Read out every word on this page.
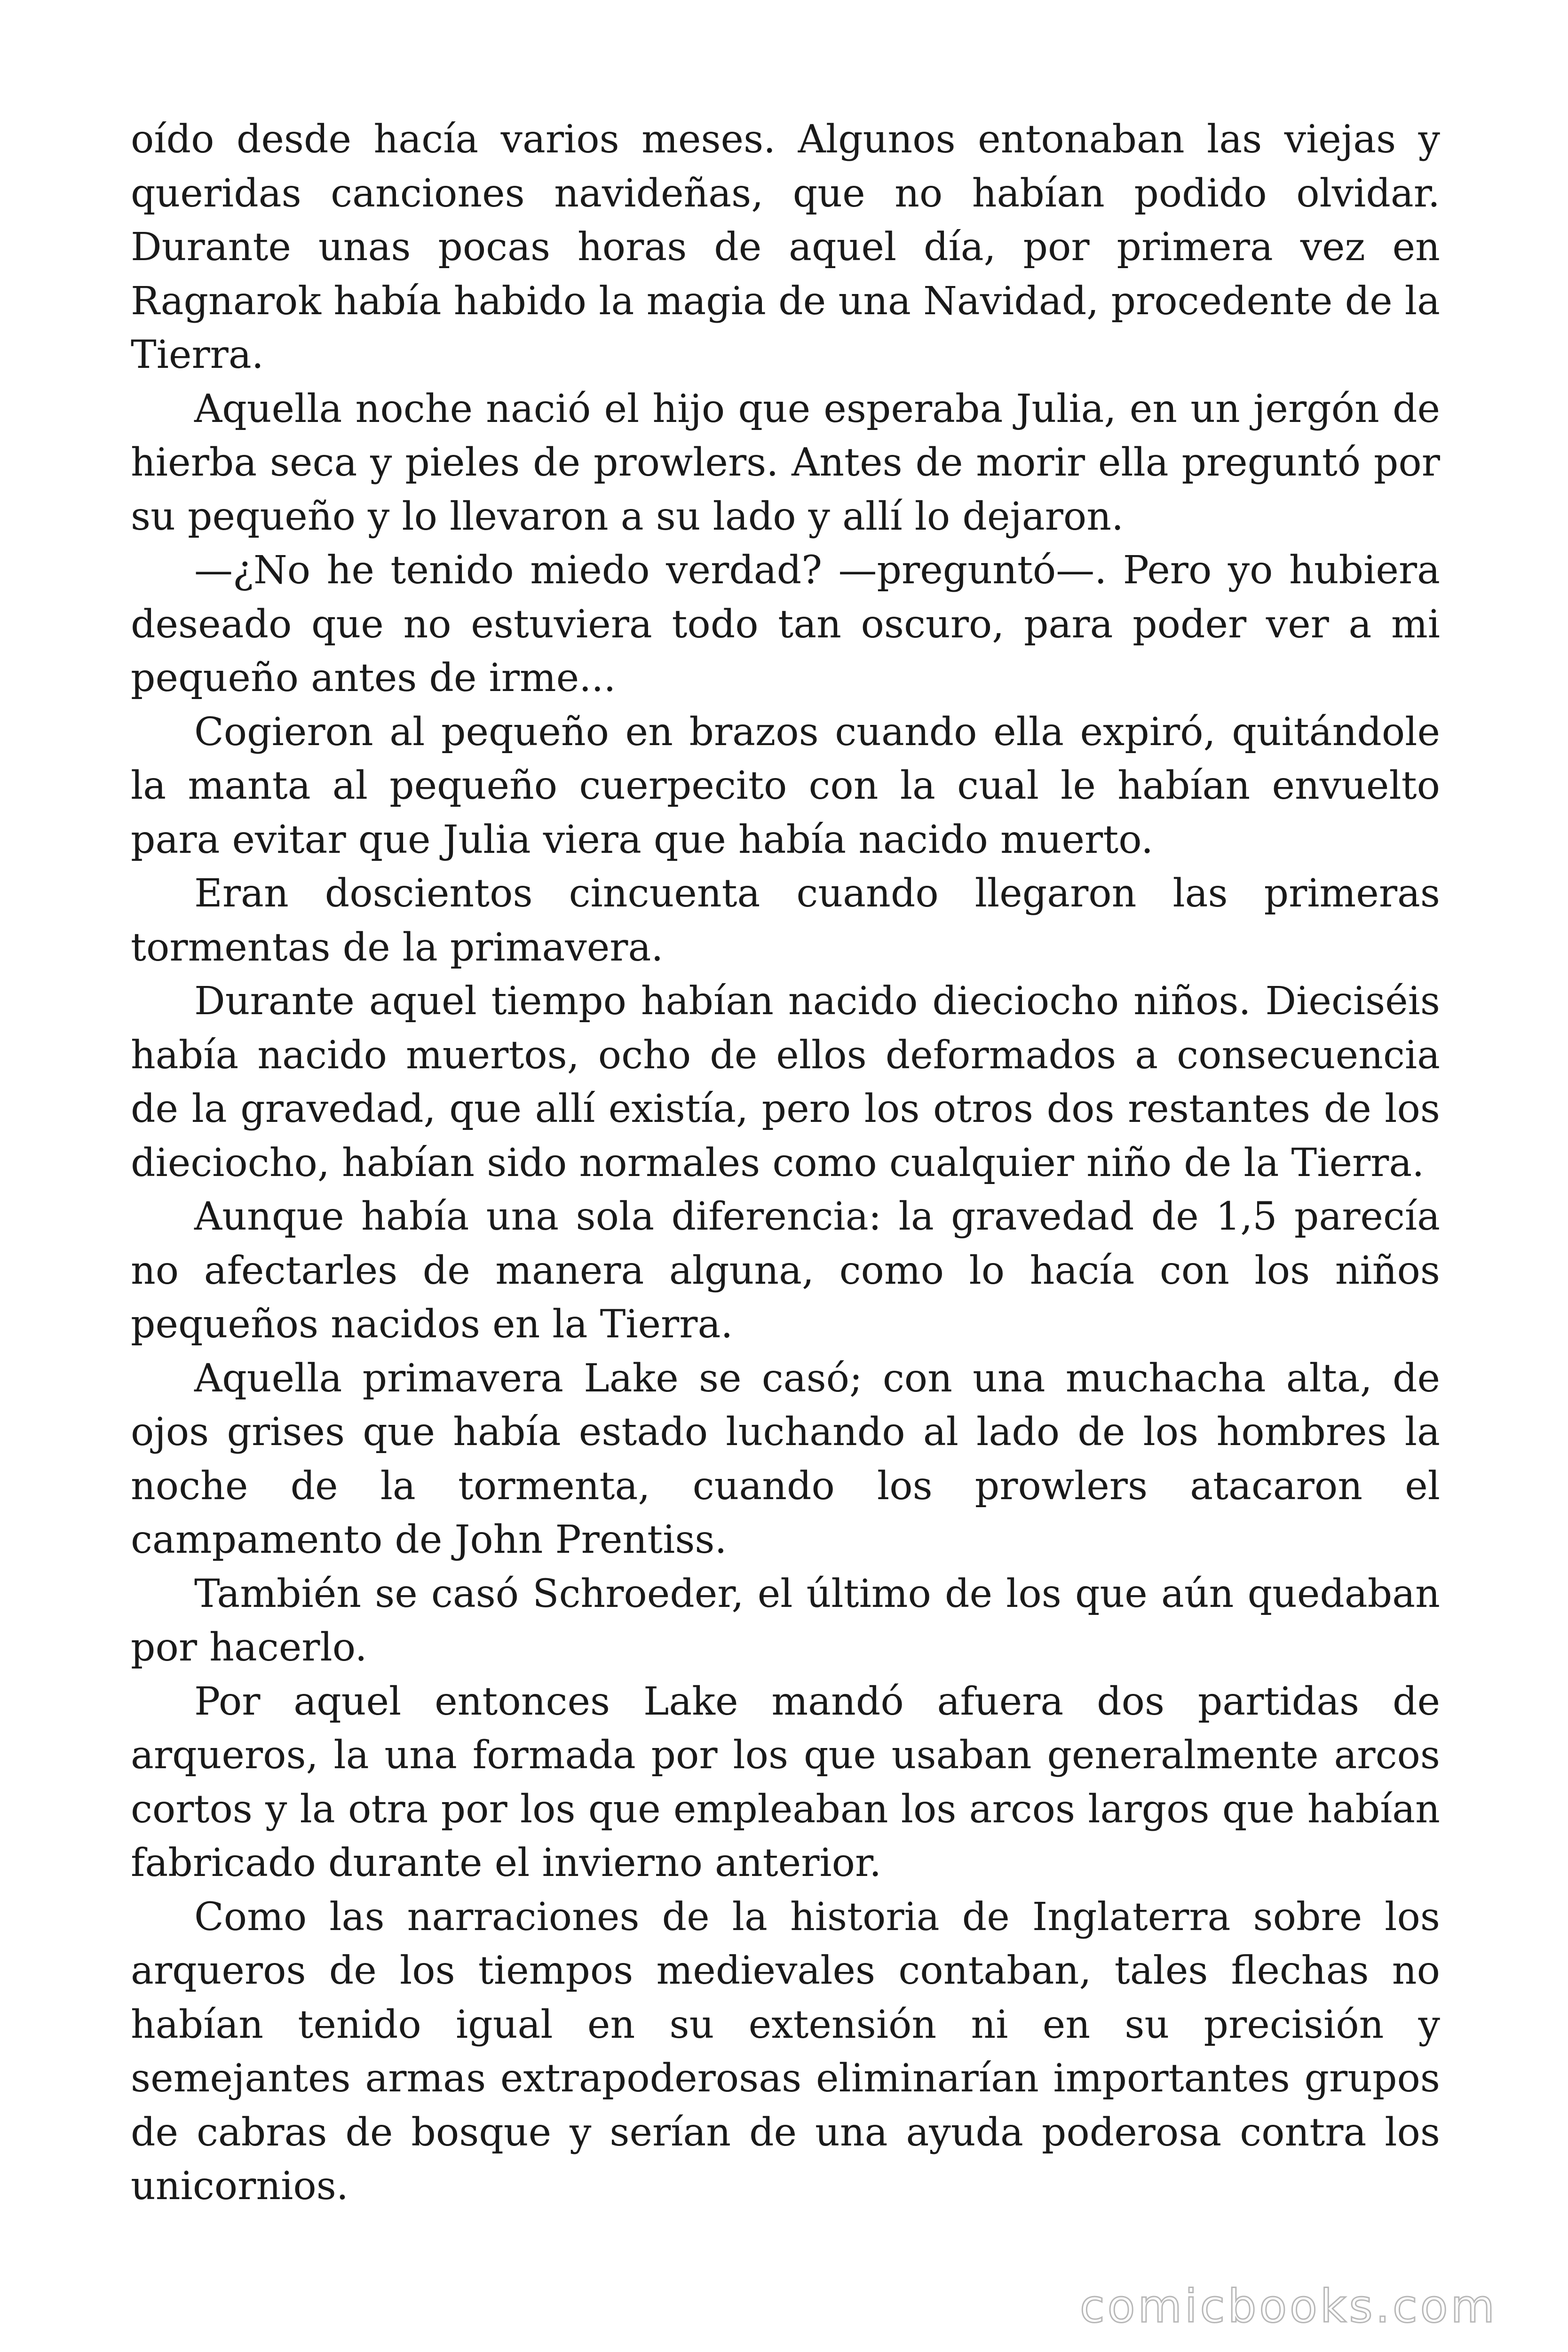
oído desde hacía varios meses. Algunos entonaban las viejas y queridas canciones navideñas, que no habían podido olvidar. Durante unas pocas horas de aquel día, por primera vez en Ragnarok había habido la magia de una Navidad, procedente de la Tierra.

Aquella noche nació el hijo que esperaba Julia, en un jergón de hierba seca y pieles de prowlers. Antes de morir ella preguntó por su pequeño y lo llevaron a su lado y allí lo dejaron.

—¿No he tenido miedo verdad? —preguntó—. Pero yo hubiera deseado que no estuviera todo tan oscuro, para poder ver a mi pequeño antes de irme...

Cogieron al pequeño en brazos cuando ella expiró, quitándole la manta al pequeño cuerpecito con la cual le habían envuelto para evitar que Julia viera que había nacido muerto.

Eran doscientos cincuenta cuando llegaron las primeras tormentas de la primavera.

Durante aquel tiempo habían nacido dieciocho niños. Dieciséis había nacido muertos, ocho de ellos deformados a consecuencia de la gravedad, que allí existía, pero los otros dos restantes de los dieciocho, habían sido normales como cualquier niño de la Tierra.

Aunque había una sola diferencia: la gravedad de 1,5 parecía no afectarles de manera alguna, como lo hacía con los niños pequeños nacidos en la Tierra.

Aquella primavera Lake se casó; con una muchacha alta, de ojos grises que había estado luchando al lado de los hombres la noche de la tormenta, cuando los prowlers atacaron el campamento de John Prentiss.

También se casó Schroeder, el último de los que aún quedaban por hacerlo.

Por aquel entonces Lake mandó afuera dos partidas de arqueros, la una formada por los que usaban generalmente arcos cortos y la otra por los que empleaban los arcos largos que habían fabricado durante el invierno anterior.

Como las narraciones de la historia de Inglaterra sobre los arqueros de los tiempos medievales contaban, tales flechas no habían tenido igual en su extensión ni en su precisión y semejantes armas extrapoderosas eliminarían importantes grupos de cabras de bosque y serían de una ayuda poderosa contra los unicornios.

comicbooks.com
